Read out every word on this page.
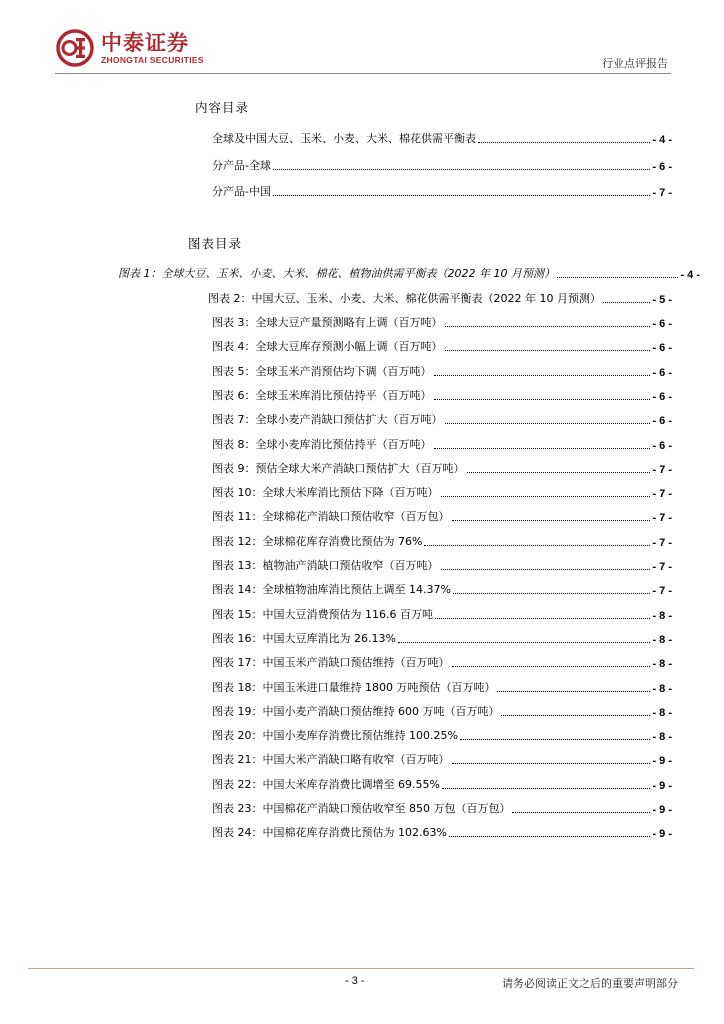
中泰证券
ZHONGTAI SECURITIES	行业点评报告
内容目录
全球及中国大豆、玉米、小麦、大米、棉花供需平衡表	- 4 -
分产品-全球	- 6 -
分产品-中国	- 7 -
图表目录
图表 1：全球大豆、玉米、小麦、大米、棉花、植物油供需平衡表（2022 年 10 月预测）	- 4 -
图表 2：中国大豆、玉米、小麦、大米、棉花供需平衡表（2022 年 10 月预测）	- 5 -
图表 3：全球大豆产量预测略有上调（百万吨）	- 6 -
图表 4：全球大豆库存预测小幅上调（百万吨）	- 6 -
图表 5：全球玉米产消预估均下调（百万吨）	- 6 -
图表 6：全球玉米库消比预估持平（百万吨）	- 6 -
图表 7：全球小麦产消缺口预估扩大（百万吨）	- 6 -
图表 8：全球小麦库消比预估持平（百万吨）	- 6 -
图表 9：预估全球大米产消缺口预估扩大（百万吨）	- 7 -
图表 10：全球大米库消比预估下降（百万吨）	- 7 -
图表 11：全球棉花产消缺口预估收窄（百万包）	- 7 -
图表 12：全球棉花库存消费比预估为 76%	- 7 -
图表 13：植物油产消缺口预估收窄（百万吨）	- 7 -
图表 14：全球植物油库消比预估上调至 14.37%	- 7 -
图表 15：中国大豆消费预估为 116.6 百万吨	- 8 -
图表 16：中国大豆库消比为 26.13%	- 8 -
图表 17：中国玉米产消缺口预估维持（百万吨）	- 8 -
图表 18：中国玉米进口量维持 1800 万吨预估（百万吨）	- 8 -
图表 19：中国小麦产消缺口预估维持 600 万吨（百万吨）	- 8 -
图表 20：中国小麦库存消费比预估维持 100.25%	- 8 -
图表 21：中国大米产消缺口略有收窄（百万吨）	- 9 -
图表 22：中国大米库存消费比调增至 69.55%	- 9 -
图表 23：中国棉花产消缺口预估收窄至 850 万包（百万包）	- 9 -
图表 24：中国棉花库存消费比预估为 102.63%	- 9 -
- 3 -	请务必阅读正文之后的重要声明部分
